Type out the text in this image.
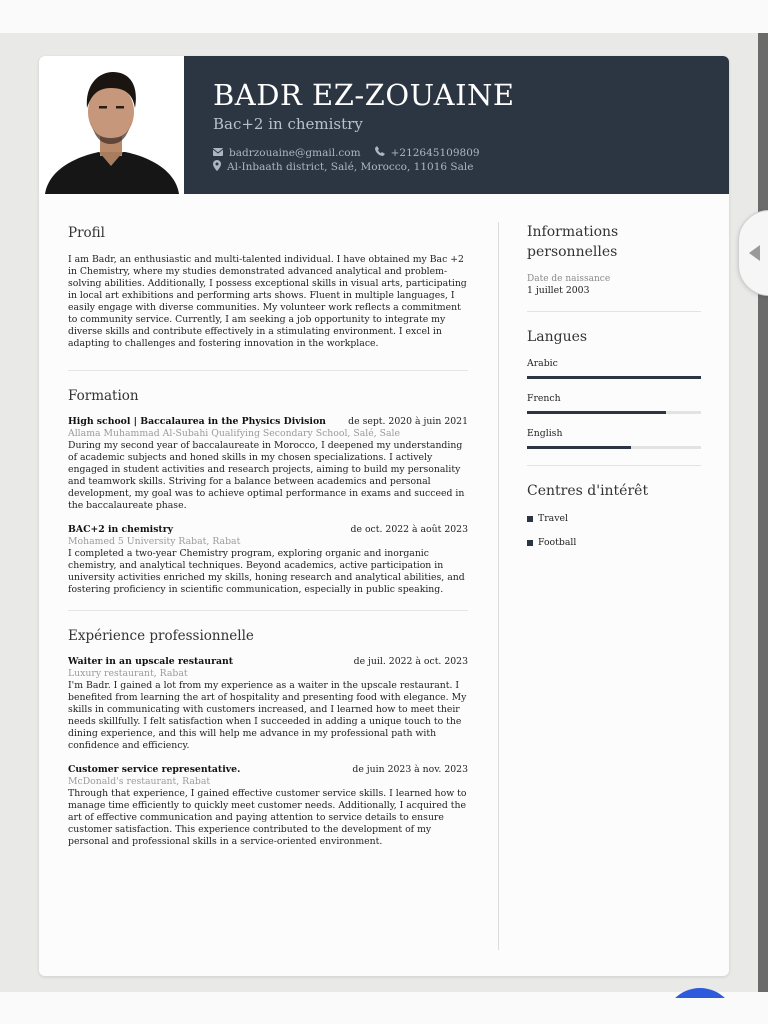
BADR EZ-ZOUAINE
Bac+2 in chemistry
badrzouaine@gmail.com	+212645109809
Al-Inbaath district, Salé, Morocco, 11016 Sale
Profil

I am Badr, an enthusiastic and multi-talented individual. I have obtained my Bac +2 in Chemistry, where my studies demonstrated advanced analytical and problem-solving abilities. Additionally, I possess exceptional skills in visual arts, participating in local art exhibitions and performing arts shows. Fluent in multiple languages, I easily engage with diverse communities. My volunteer work reflects a commitment to community service. Currently, I am seeking a job opportunity to integrate my diverse skills and contribute effectively in a stimulating environment. I excel in adapting to challenges and fostering innovation in the workplace.

Formation
High school | Baccalaurea in the Physics Division de sept. 2020 à juin 2021
Allama Muhammad Al-Subahi Qualifying Secondary School, Salé, Sale

During my second year of baccalaureate in Morocco, I deepened my understanding of academic subjects and honed skills in my chosen specializations. I actively engaged in student activities and research projects, aiming to build my personality and teamwork skills. Striving for a balance between academics and personal development, my goal was to achieve optimal performance in exams and succeed in the baccalaureate phase.

BAC+2 in chemistry	de oct. 2022 à août 2023
Mohamed 5 University Rabat, Rabat

I completed a two-year Chemistry program, exploring organic and inorganic chemistry, and analytical techniques. Beyond academics, active participation in university activities enriched my skills, honing research and analytical abilities, and fostering proficiency in scientific communication, especially in public speaking.

Expérience professionnelle
Waiter in an upscale restaurant	de juil. 2022 à oct. 2023
Luxury restaurant, Rabat

I'm Badr. I gained a lot from my experience as a waiter in the upscale restaurant. I benefited from learning the art of hospitality and presenting food with elegance. My skills in communicating with customers increased, and I learned how to meet their needs skillfully. I felt satisfaction when I succeeded in adding a unique touch to the dining experience, and this will help me advance in my professional path with confidence and efficiency.

Customer service representative.	de juin 2023 à nov. 2023
McDonald's restaurant, Rabat

Through that experience, I gained effective customer service skills. I learned how to manage time efficiently to quickly meet customer needs. Additionally, I acquired the art of effective communication and paying attention to service details to ensure customer satisfaction. This experience contributed to the development of my personal and professional skills in a service-oriented environment.

Informations personnelles
Date de naissance
1 juillet 2003
Langues
Arabic
French
English
Centres d'intérêt
Travel
Football
